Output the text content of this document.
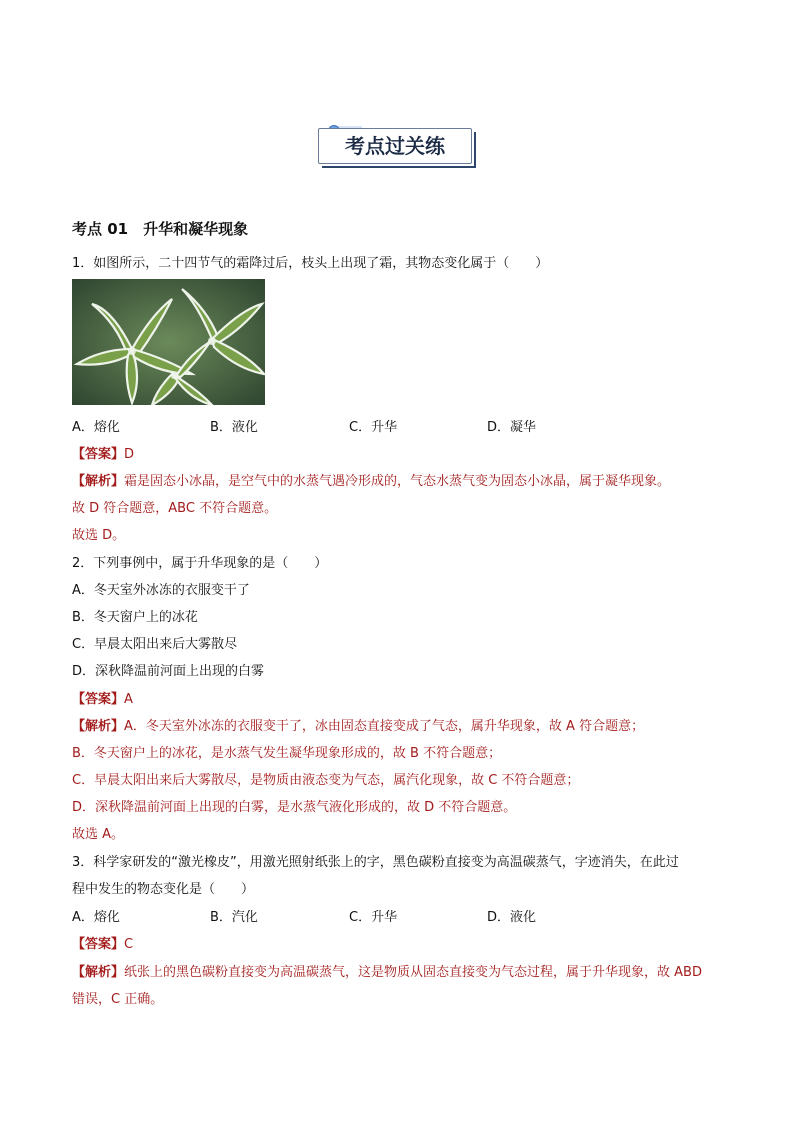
考点过关练
考点 01　升华和凝华现象
1．如图所示，二十四节气的霜降过后，枝头上出现了霜，其物态变化属于（　　）
A．熔化	B．液化	C．升华	D．凝华
【答案】D
【解析】霜是固态小冰晶，是空气中的水蒸气遇冷形成的，气态水蒸气变为固态小冰晶，属于凝华现象。
故 D 符合题意，ABC 不符合题意。
故选 D。
2．下列事例中，属于升华现象的是（　　）
A．冬天室外冰冻的衣服变干了
B．冬天窗户上的冰花
C．早晨太阳出来后大雾散尽
D．深秋降温前河面上出现的白雾
【答案】A
【解析】A．冬天室外冰冻的衣服变干了，冰由固态直接变成了气态，属升华现象，故 A 符合题意；
B．冬天窗户上的冰花，是水蒸气发生凝华现象形成的，故 B 不符合题意；
C．早晨太阳出来后大雾散尽，是物质由液态变为气态，属汽化现象，故 C 不符合题意；
D．深秋降温前河面上出现的白雾，是水蒸气液化形成的，故 D 不符合题意。
故选 A。
3．科学家研发的“激光橡皮”，用激光照射纸张上的字，黑色碳粉直接变为高温碳蒸气，字迹消失，在此过
程中发生的物态变化是（　　）
A．熔化	B．汽化	C．升华	D．液化
【答案】C
【解析】纸张上的黑色碳粉直接变为高温碳蒸气，这是物质从固态直接变为气态过程，属于升华现象，故 ABD
错误，C 正确。
